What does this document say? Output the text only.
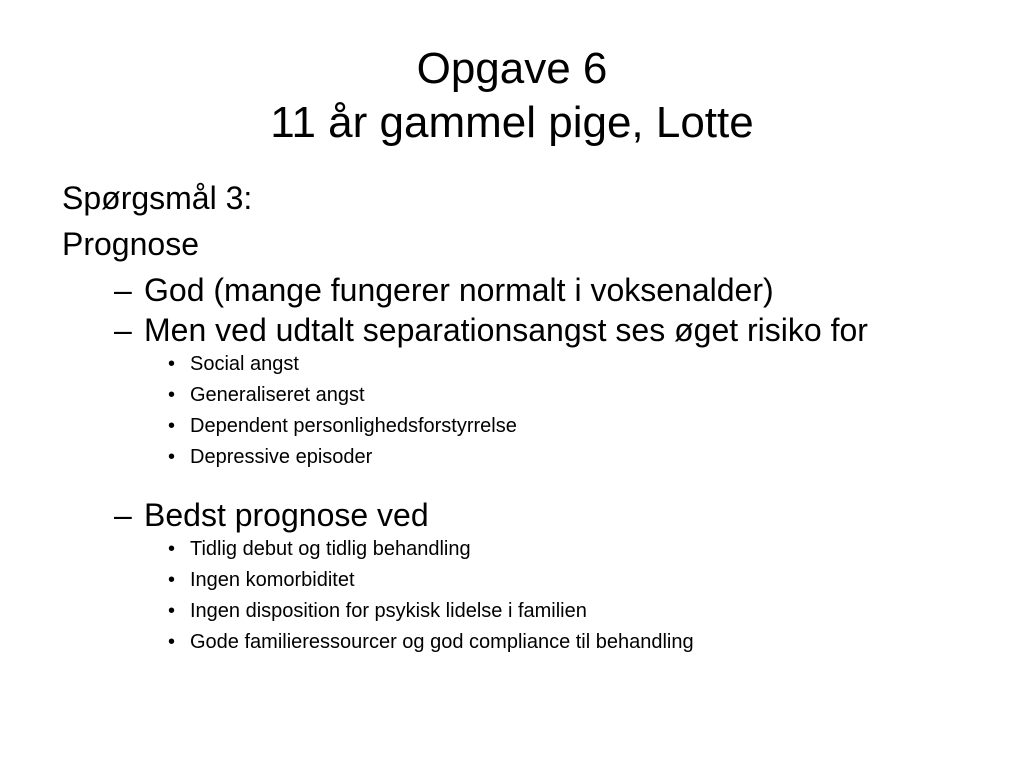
Opgave 6
11 år gammel pige, Lotte
Spørgsmål 3:
Prognose
– God (mange fungerer normalt i voksenalder)
– Men ved udtalt separationsangst ses øget risiko for
• Social angst
• Generaliseret angst
• Dependent personlighedsforstyrrelse
• Depressive episoder
– Bedst prognose ved
• Tidlig debut og tidlig behandling
• Ingen komorbiditet
• Ingen disposition for psykisk lidelse i familien
• Gode familieressourcer og god compliance til behandling
